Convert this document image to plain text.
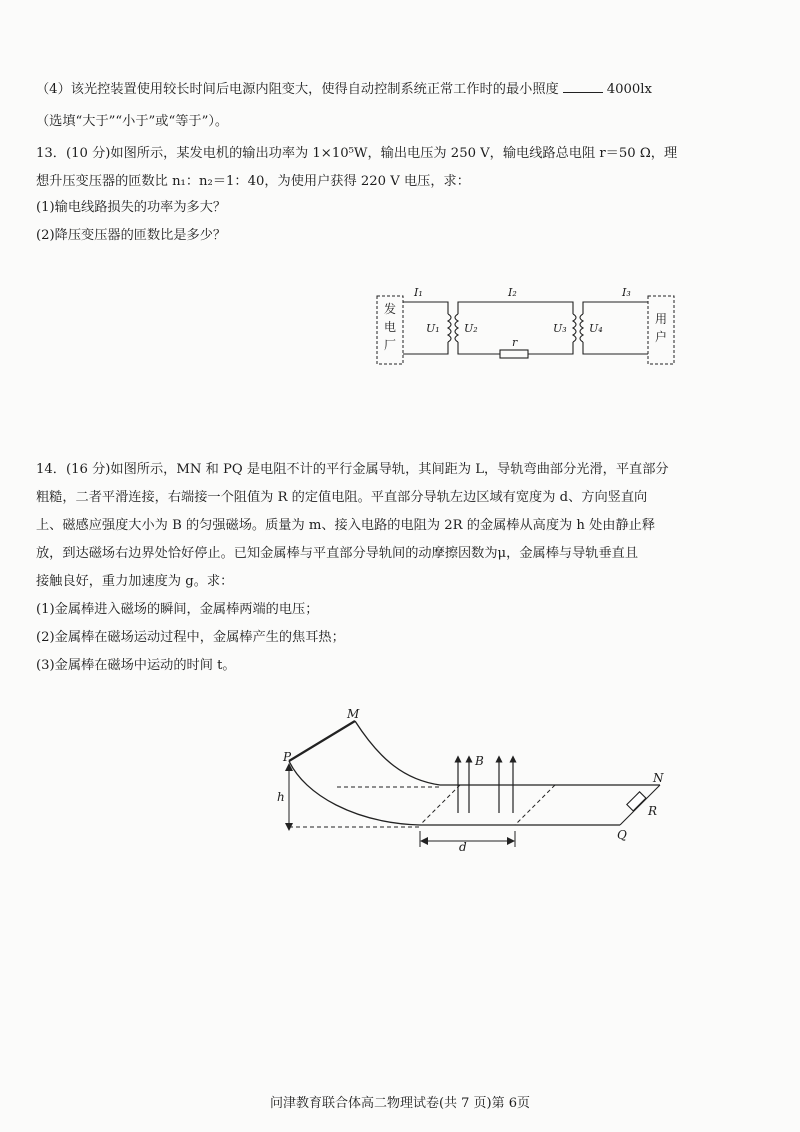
（4）该光控装置使用较长时间后电源内阻变大，使得自动控制系统正常工作时的最小照度	4000lx
（选填“大于”“小于”或“等于”）。
13．(10 分)如图所示，某发电机的输出功率为 1×10⁵W，输出电压为 250 V，输电线路总电阻 r＝50 Ω，理
想升压变压器的匝数比 n₁：n₂＝1：40，为使用户获得 220 V 电压，求：
(1)输电线路损失的功率为多大？
(2)降压变压器的匝数比是多少？
发
电
厂
用
户
I₁	I₂	I₃
U₁ U₂	U₃ U₄
r
14．(16 分)如图所示，MN 和 PQ 是电阻不计的平行金属导轨，其间距为 L，导轨弯曲部分光滑，平直部分
粗糙，二者平滑连接，右端接一个阻值为 R 的定值电阻。平直部分导轨左边区域有宽度为 d、方向竖直向
上、磁感应强度大小为 B 的匀强磁场。质量为 m、接入电路的电阻为 2R 的金属棒从高度为 h 处由静止释
放，到达磁场右边界处恰好停止。已知金属棒与平直部分导轨间的动摩擦因数为μ，金属棒与导轨垂直且
接触良好，重力加速度为 g。求：
(1)金属棒进入磁场的瞬间，金属棒两端的电压；
(2)金属棒在磁场运动过程中，金属棒产生的焦耳热；
(3)金属棒在磁场中运动的时间 t。
M
P
N
Q
R
B
h
d
问津教育联合体高二物理试卷(共 7 页)第 6页
